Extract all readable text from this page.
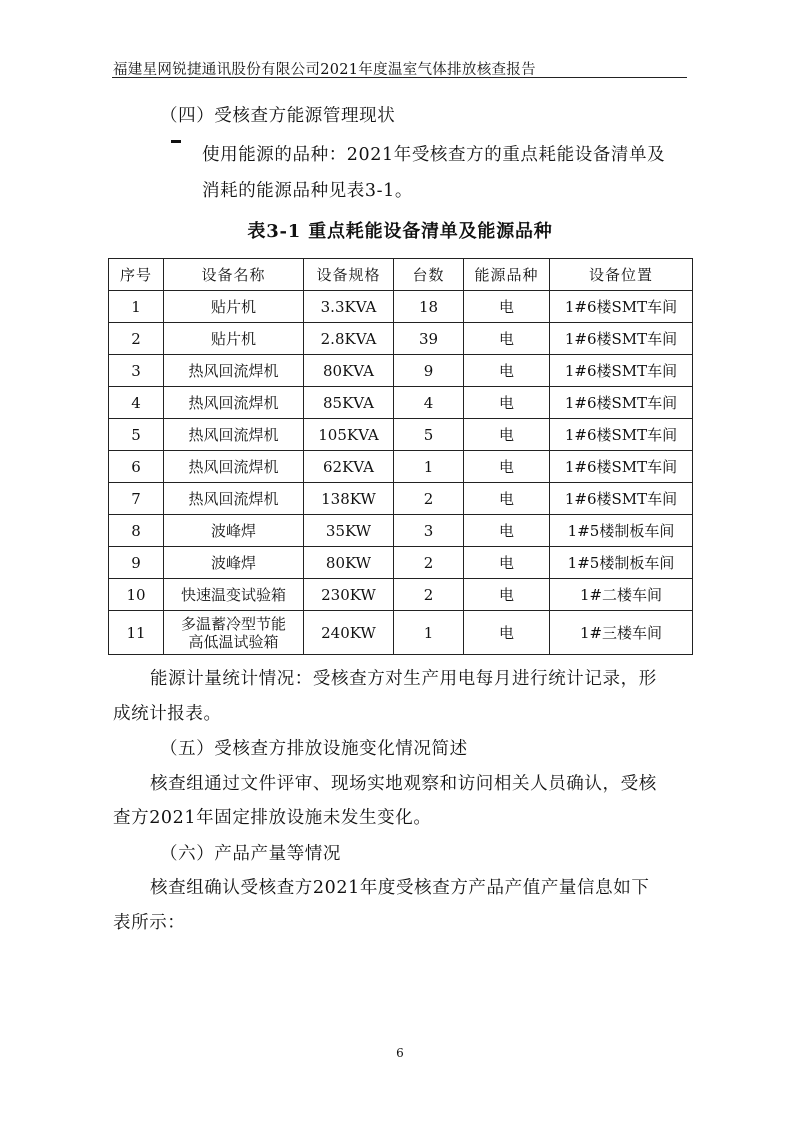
福建星网锐捷通讯股份有限公司2021年度温室气体排放核查报告
（四）受核查方能源管理现状
使用能源的品种：2021年受核查方的重点耗能设备清单及
消耗的能源品种见表3-1。
表3-1 重点耗能设备清单及能源品种
序号	设备名称	设备规格	台数	能源品种	设备位置
1	贴片机	3.3KVA	18	电	1#6楼SMT车间
2	贴片机	2.8KVA	39	电	1#6楼SMT车间
3	热风回流焊机	80KVA	9	电	1#6楼SMT车间
4	热风回流焊机	85KVA	4	电	1#6楼SMT车间
5	热风回流焊机	105KVA	5	电	1#6楼SMT车间
6	热风回流焊机	62KVA	1	电	1#6楼SMT车间
7	热风回流焊机	138KW	2	电	1#6楼SMT车间
8	波峰焊	35KW	3	电	1#5楼制板车间
9	波峰焊	80KW	2	电	1#5楼制板车间
10	快速温变试验箱	230KW	2	电	1#二楼车间
11	多温蓄冷型节能
高低温试验箱	240KW	1	电	1#三楼车间
能源计量统计情况：受核查方对生产用电每月进行统计记录，形
成统计报表。
（五）受核查方排放设施变化情况简述
核查组通过文件评审、现场实地观察和访问相关人员确认，受核
查方2021年固定排放设施未发生变化。
（六）产品产量等情况
核查组确认受核查方2021年度受核查方产品产值产量信息如下
表所示：
6
